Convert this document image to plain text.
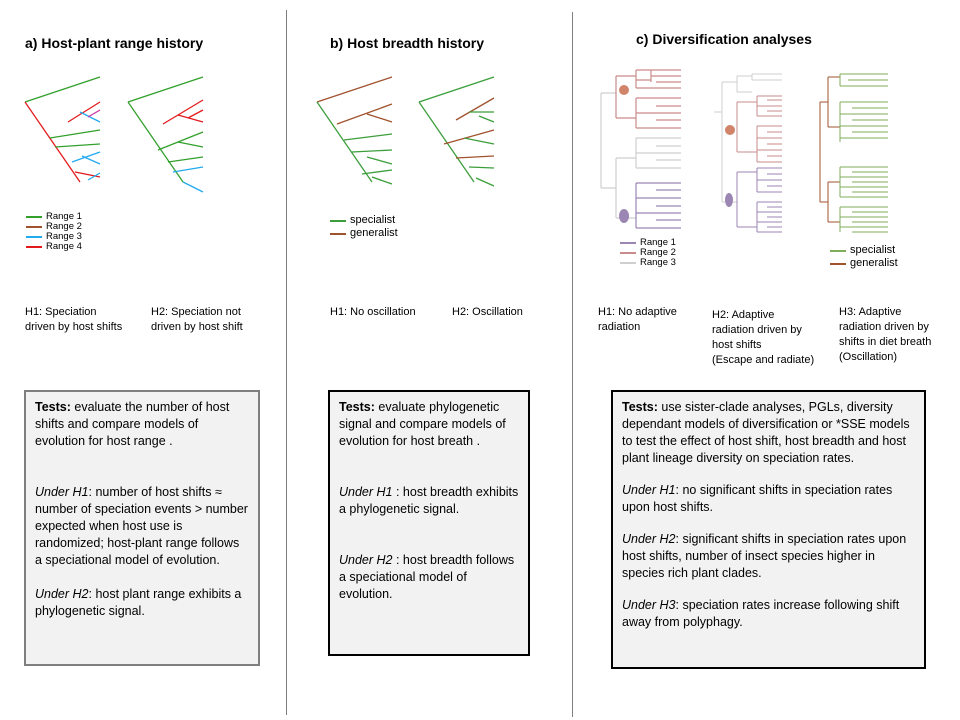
a) Host-plant range history
Range 1
Range 2
Range 3
Range 4
H1: Speciation
driven by host shifts
H2: Speciation not
driven by host shift

Tests: evaluate the number of host shifts and compare models of evolution for host range .

Under H1: number of host shifts ≈ number of speciation events > number expected when host use is randomized; host-plant range follows a speciational model of evolution.

Under H2: host plant range exhibits a phylogenetic signal.

b) Host breadth history
specialist
generalist
H1: No oscillation	H2: Oscillation

Tests: evaluate phylogenetic signal and compare models of evolution for host breath .

Under H1 : host breadth exhibits a phylogenetic signal.

Under H2 : host breadth follows a speciational model of evolution.

c) Diversification analyses
Range 1
Range 2
Range 3
specialist
generalist
H1: No adaptive
radiation
H2: Adaptive
radiation driven by
host shifts
(Escape and radiate)
H3: Adaptive
radiation driven by
shifts in diet breath
(Oscillation)

Tests: use sister-clade analyses, PGLs, diversity dependant models of diversification or *SSE models to test the effect of host shift, host breadth and host plant lineage diversity on speciation rates.

Under H1: no significant shifts in speciation rates upon host shifts.

Under H2: significant shifts in speciation rates upon host shifts, number of insect species higher in species rich plant clades.

Under H3: speciation rates increase following shift away from polyphagy.
